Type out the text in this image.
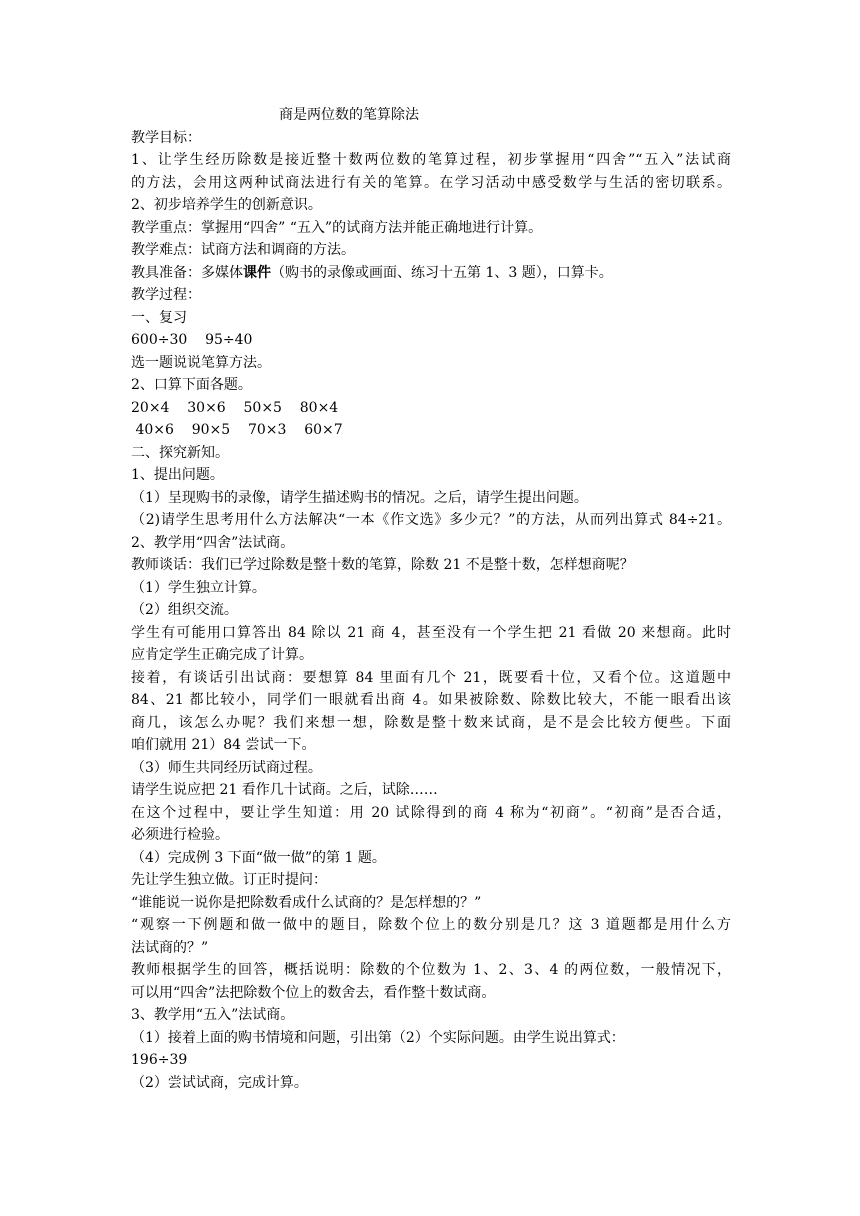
商是两位数的笔算除法
教学目标：
1、让学生经历除数是接近整十数两位数的笔算过程，初步掌握用“四舍”“五入”法试商
的方法，会用这两种试商法进行有关的笔算。在学习活动中感受数学与生活的密切联系。
2、初步培养学生的创新意识。
教学重点：掌握用“四舍” “五入”的试商方法并能正确地进行计算。
教学难点：试商方法和调商的方法。
教具准备：多媒体课件（购书的录像或画面、练习十五第 1、3 题），口算卡。
教学过程：
一、复习
600÷30    95÷40
选一题说说笔算方法。
2、口算下面各题。
20×4    30×6    50×5    80×4
40×6    90×5    70×3    60×7
二、探究新知。
1、提出问题。
（1）呈现购书的录像，请学生描述购书的情况。之后，请学生提出问题。
（2)请学生思考用什么方法解决“一本《作文选》多少元？”的方法，从而列出算式 84÷21。
2、教学用“四舍”法试商。
教师谈话：我们已学过除数是整十数的笔算，除数 21 不是整十数，怎样想商呢？
（1）学生独立计算。
（2）组织交流。
学生有可能用口算答出 84 除以 21 商 4，甚至没有一个学生把 21 看做 20 来想商。此时
应肯定学生正确完成了计算。
接着，有谈话引出试商：要想算 84 里面有几个 21，既要看十位，又看个位。这道题中
84、21 都比较小，同学们一眼就看出商 4。如果被除数、除数比较大，不能一眼看出该
商几，该怎么办呢？我们来想一想，除数是整十数来试商，是不是会比较方便些。下面
咱们就用 21）84 尝试一下。
（3）师生共同经历试商过程。
请学生说应把 21 看作几十试商。之后，试除……
在这个过程中，要让学生知道：用 20 试除得到的商 4 称为“初商”。“初商”是否合适，
必须进行检验。
（4）完成例 3 下面“做一做”的第 1 题。
先让学生独立做。订正时提问：
“谁能说一说你是把除数看成什么试商的？是怎样想的？”
“观察一下例题和做一做中的题目，除数个位上的数分别是几？这 3 道题都是用什么方
法试商的？”
教师根据学生的回答，概括说明：除数的个位数为 1、2、3、4 的两位数，一般情况下，
可以用“四舍”法把除数个位上的数舍去，看作整十数试商。
3、教学用“五入”法试商。
（1）接着上面的购书情境和问题，引出第（2）个实际问题。由学生说出算式：
196÷39
（2）尝试试商，完成计算。
